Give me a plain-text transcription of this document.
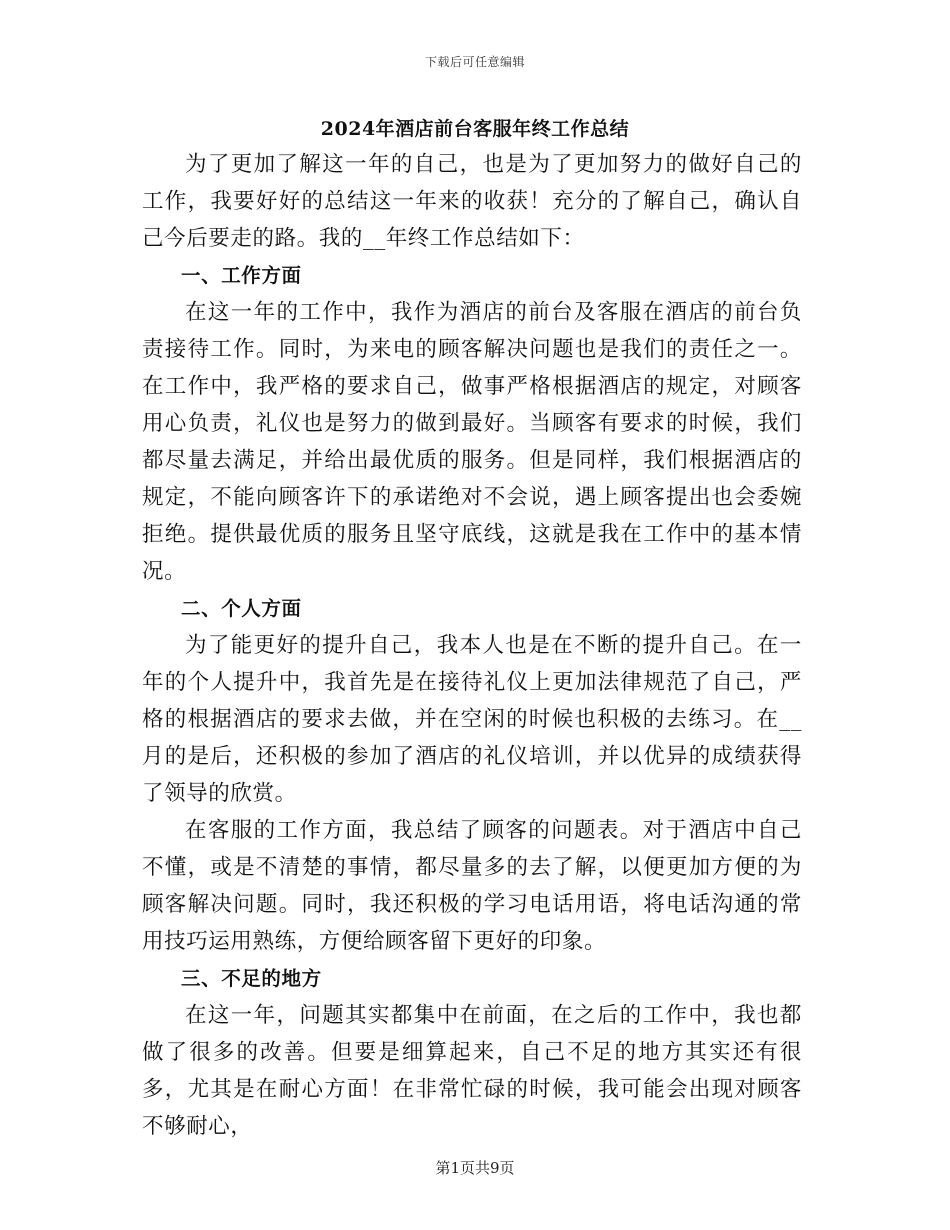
下载后可任意编辑
2024年酒店前台客服年终工作总结

为了更加了解这一年的自己，也是为了更加努力的做好自己的工作，我要好好的总结这一年来的收获！充分的了解自己，确认自己今后要走的路。我的__年终工作总结如下：

一、工作方面

在这一年的工作中，我作为酒店的前台及客服在酒店的前台负责接待工作。同时，为来电的顾客解决问题也是我们的责任之一。在工作中，我严格的要求自己，做事严格根据酒店的规定，对顾客用心负责，礼仪也是努力的做到最好。当顾客有要求的时候，我们都尽量去满足，并给出最优质的服务。但是同样，我们根据酒店的规定，不能向顾客许下的承诺绝对不会说，遇上顾客提出也会委婉拒绝。提供最优质的服务且坚守底线，这就是我在工作中的基本情况。

二、个人方面

为了能更好的提升自己，我本人也是在不断的提升自己。在一年的个人提升中，我首先是在接待礼仪上更加法律规范了自己，严格的根据酒店的要求去做，并在空闲的时候也积极的去练习。在__月的是后，还积极的参加了酒店的礼仪培训，并以优异的成绩获得了领导的欣赏。

在客服的工作方面，我总结了顾客的问题表。对于酒店中自己不懂，或是不清楚的事情，都尽量多的去了解，以便更加方便的为顾客解决问题。同时，我还积极的学习电话用语，将电话沟通的常用技巧运用熟练，方便给顾客留下更好的印象。

三、不足的地方

在这一年，问题其实都集中在前面，在之后的工作中，我也都做了很多的改善。但要是细算起来，自己不足的地方其实还有很多，尤其是在耐心方面！在非常忙碌的时候，我可能会出现对顾客不够耐心，

第1页共9页
